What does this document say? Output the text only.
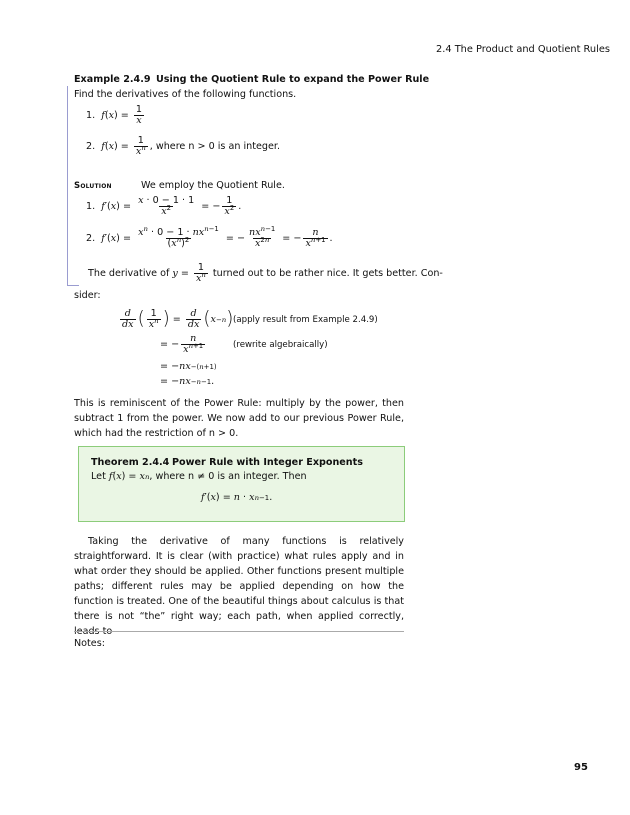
2.4 The Product and Quotient Rules
Example 2.4.9 Using the Quotient Rule to expand the Power Rule
Find the derivatives of the following functions.
1. f ( x ) = $\frac{1}{x}$
2. f ( x ) = $\frac{1}{x^n}$ , where n > 0 is an integer.
Solution	We employ the Quotient Rule.
1. f ′( x ) = $\frac{x \cdot 0 - 1 \cdot 1}{x^2}$ = − $\frac{1}{x^2}$ .
2. f ′( x ) = $\frac{x^n \cdot 0 - 1 \cdot nx^{n-1}}{(x^n)^2}$ = − $\frac{nx^{n-1}}{x^{2n}}$ = − $\frac{n}{x^{n+1}}$ .
The derivative of
$y = \frac{1}{x^n}$
turned out to be rather nice. It gets better. Con-
sider:
$\frac{d}{dx}$ ( $\frac{1}{x^n}$ ) = $\frac{d}{dx}$ ( x −n ) (apply result from Example 2.4.9)
= − $\frac{n}{x^{n+1}}$	(rewrite algebraically)
= − nx −(n+1)
= − nx −n−1 .
This is reminiscent of the Power Rule: multiply by the power, then subtract 1 from the power. We now add to our previous Power Rule, which had the restriction of n > 0.
Theorem 2.4.4 Power Rule with Integer Exponents
Let f ( x ) = x n , where n ≠ 0 is an integer. Then
f ′( x ) = n · x n−1 .
Taking the derivative of many functions is relatively straightforward. It is clear (with practice) what rules apply and in what order they should be applied. Other functions present multiple paths; different rules may be applied depending on how the function is treated. One of the beautiful things about calculus is that there is not “the” right way; each path, when applied correctly,
Notes:
95
